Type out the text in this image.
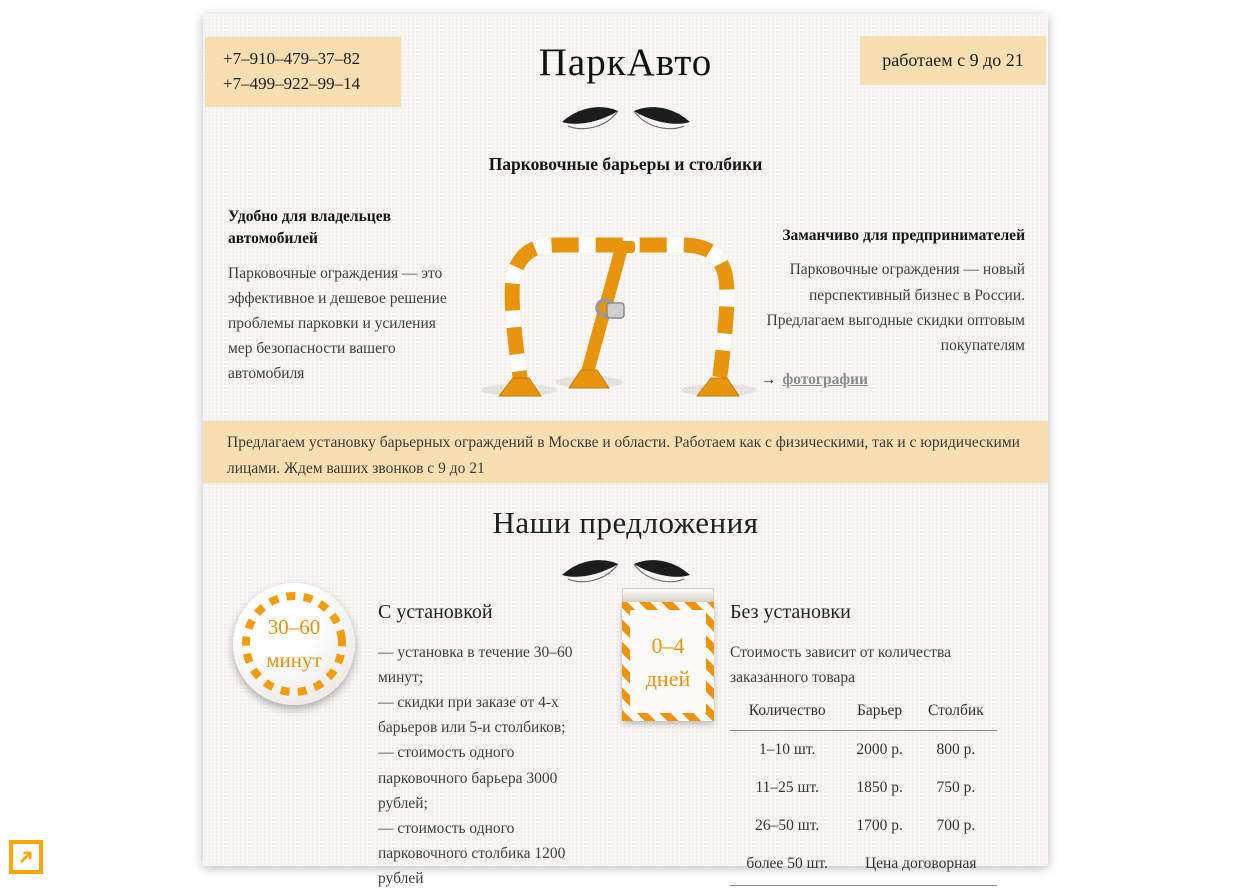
+7–910–479–37–82
+7–499–922–99–14	ПаркАвто	работаем с 9 до 21
Парковочные барьеры и столбики
Удобно для владельцев автомобилей

Парковочные ограждения — это эффективное и дешевое решение проблемы парковки и усиления мер безопасности вашего автомобиля

Заманчиво для предпринимателей

Парковочные ограждения — новый перспективный бизнес в России. Предлагаем выгодные скидки оптовым покупателям

→ фотографии
Предлагаем установку барьерных ограждений в Москве и области. Работаем как с физическими, так и с юридическими лицами. Ждем ваших звонков с 9 до 21
Наши предложения
30–60
минут
С установкой
— установка в течение 30–60 минут;
— скидки при заказе от 4-х барьеров или 5-и столбиков;
— стоимость одного парковочного барьера 3000 рублей;
— стоимость одного парковочного столбика 1200 рублей
0–4
дней
Без установки
Стоимость зависит от количества заказанного товара
Количество	Барьер	Столбик
1–10 шт.	2000 р.	800 р.
11–25 шт.	1850 р.	750 р.
26–50 шт.	1700 р.	700 р.
более 50 шт.	Цена договорная	
